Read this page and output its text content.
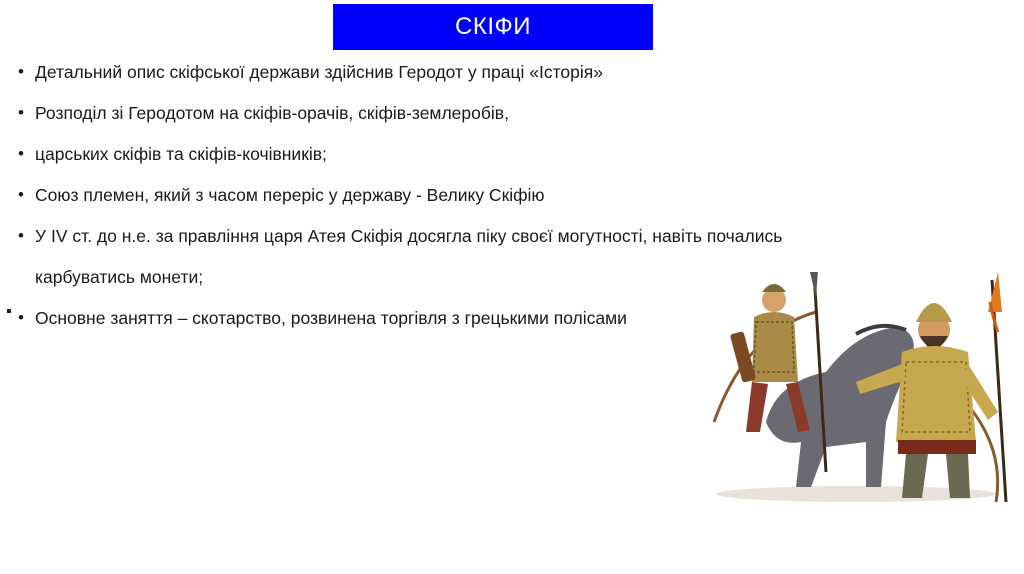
СКІФИ
• Детальний опис скіфської держави здійснив Геродот у праці «Історія»
• Розподіл зі Геродотом на скіфів-орачів, скіфів-землеробів,
• царських скіфів та скіфів-кочівників;
• Союз племен, який з часом переріс у державу - Велику Скіфію
• У IV ст. до н.е. за правління царя Атея Скіфія досягла піку своєї могутності, навіть почались
карбуватись монети;
• Основне заняття – скотарство, розвинена торгівля з грецькими полісами
▪
